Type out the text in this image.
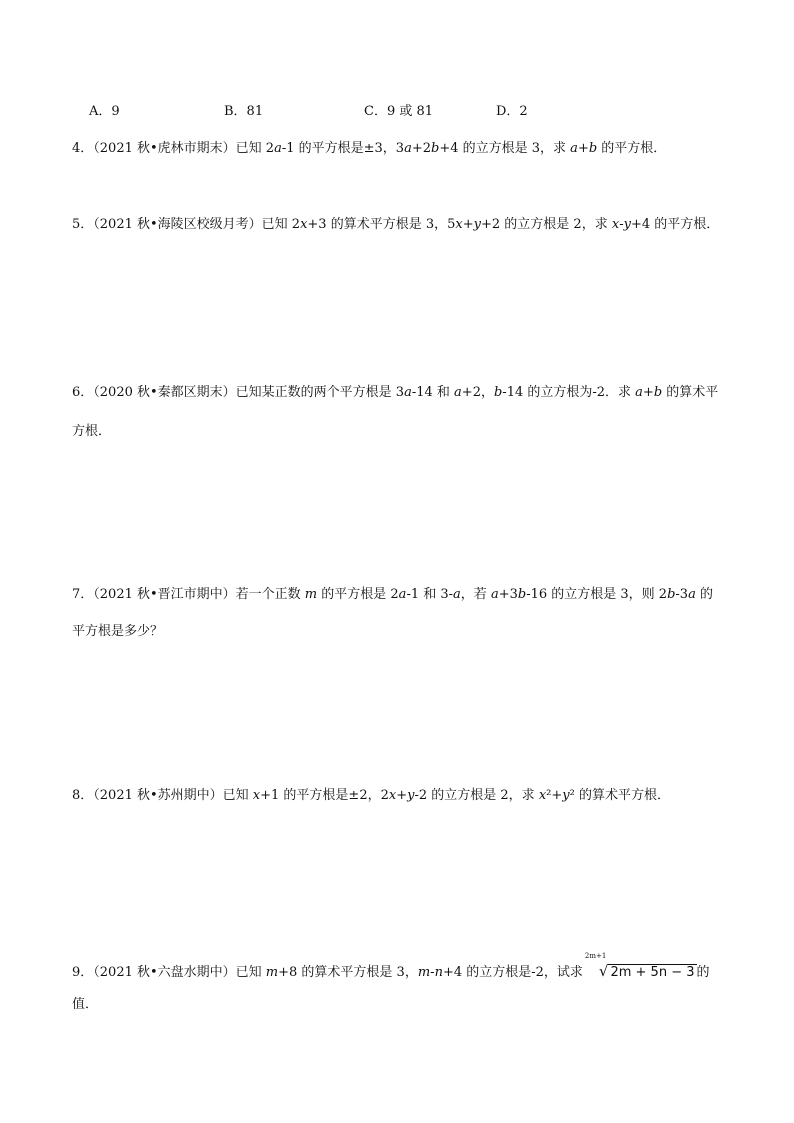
A．9	B．81	C．9 或 81	D．2
4．（2021 秋•虎林市期末）已知 2a-1 的平方根是±3，3a+2b+4 的立方根是 3，求 a+b 的平方根．
5．（2021 秋•海陵区校级月考）已知 2x+3 的算术平方根是 3，5x+y+2 的立方根是 2，求 x-y+4 的平方根．
6．（2020 秋•秦都区期末）已知某正数的两个平方根是 3a-14 和 a+2，b-14 的立方根为-2．求 a+b 的算术平
方根．
7．（2021 秋•晋江市期中）若一个正数 m 的平方根是 2a-1 和 3-a，若 a+3b-16 的立方根是 3，则 2b-3a 的
平方根是多少？
8．（2021 秋•苏州期中）已知 x+1 的平方根是±2，2x+y-2 的立方根是 2，求 x²+y² 的算术平方根．
9．（2021 秋•六盘水期中）已知 m+8 的算术平方根是 3，m-n+4 的立方根是-2，试求
2m+1
√ 2m + 5n − 3 的
值．
